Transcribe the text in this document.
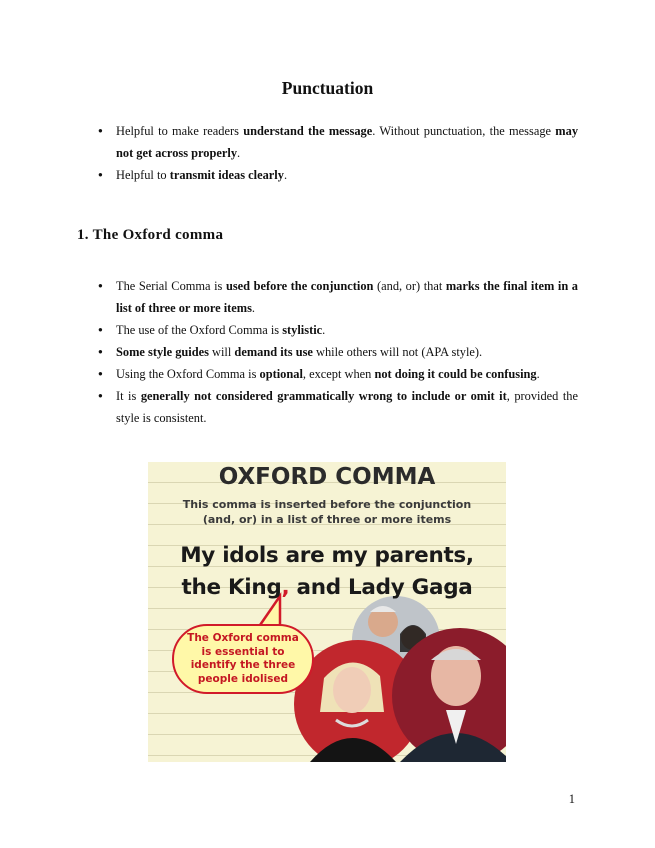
Punctuation
● Helpful to make readers understand the message. Without punctuation, the message may not get across properly.
● Helpful to transmit ideas clearly.
1. The Oxford comma
● The Serial Comma is used before the conjunction (and, or) that marks the final item in a list of three or more items.
● The use of the Oxford Comma is stylistic.
● Some style guides will demand its use while others will not (APA style).
● Using the Oxford Comma is optional, except when not doing it could be confusing.
● It is generally not considered grammatically wrong to include or omit it, provided the style is consistent.
OXFORD COMMA
This comma is inserted before the conjunction
(and, or) in a list of three or more items
My idols are my parents,
the King, and Lady Gaga
The Oxford comma is essential to identify the three people idolised
1
